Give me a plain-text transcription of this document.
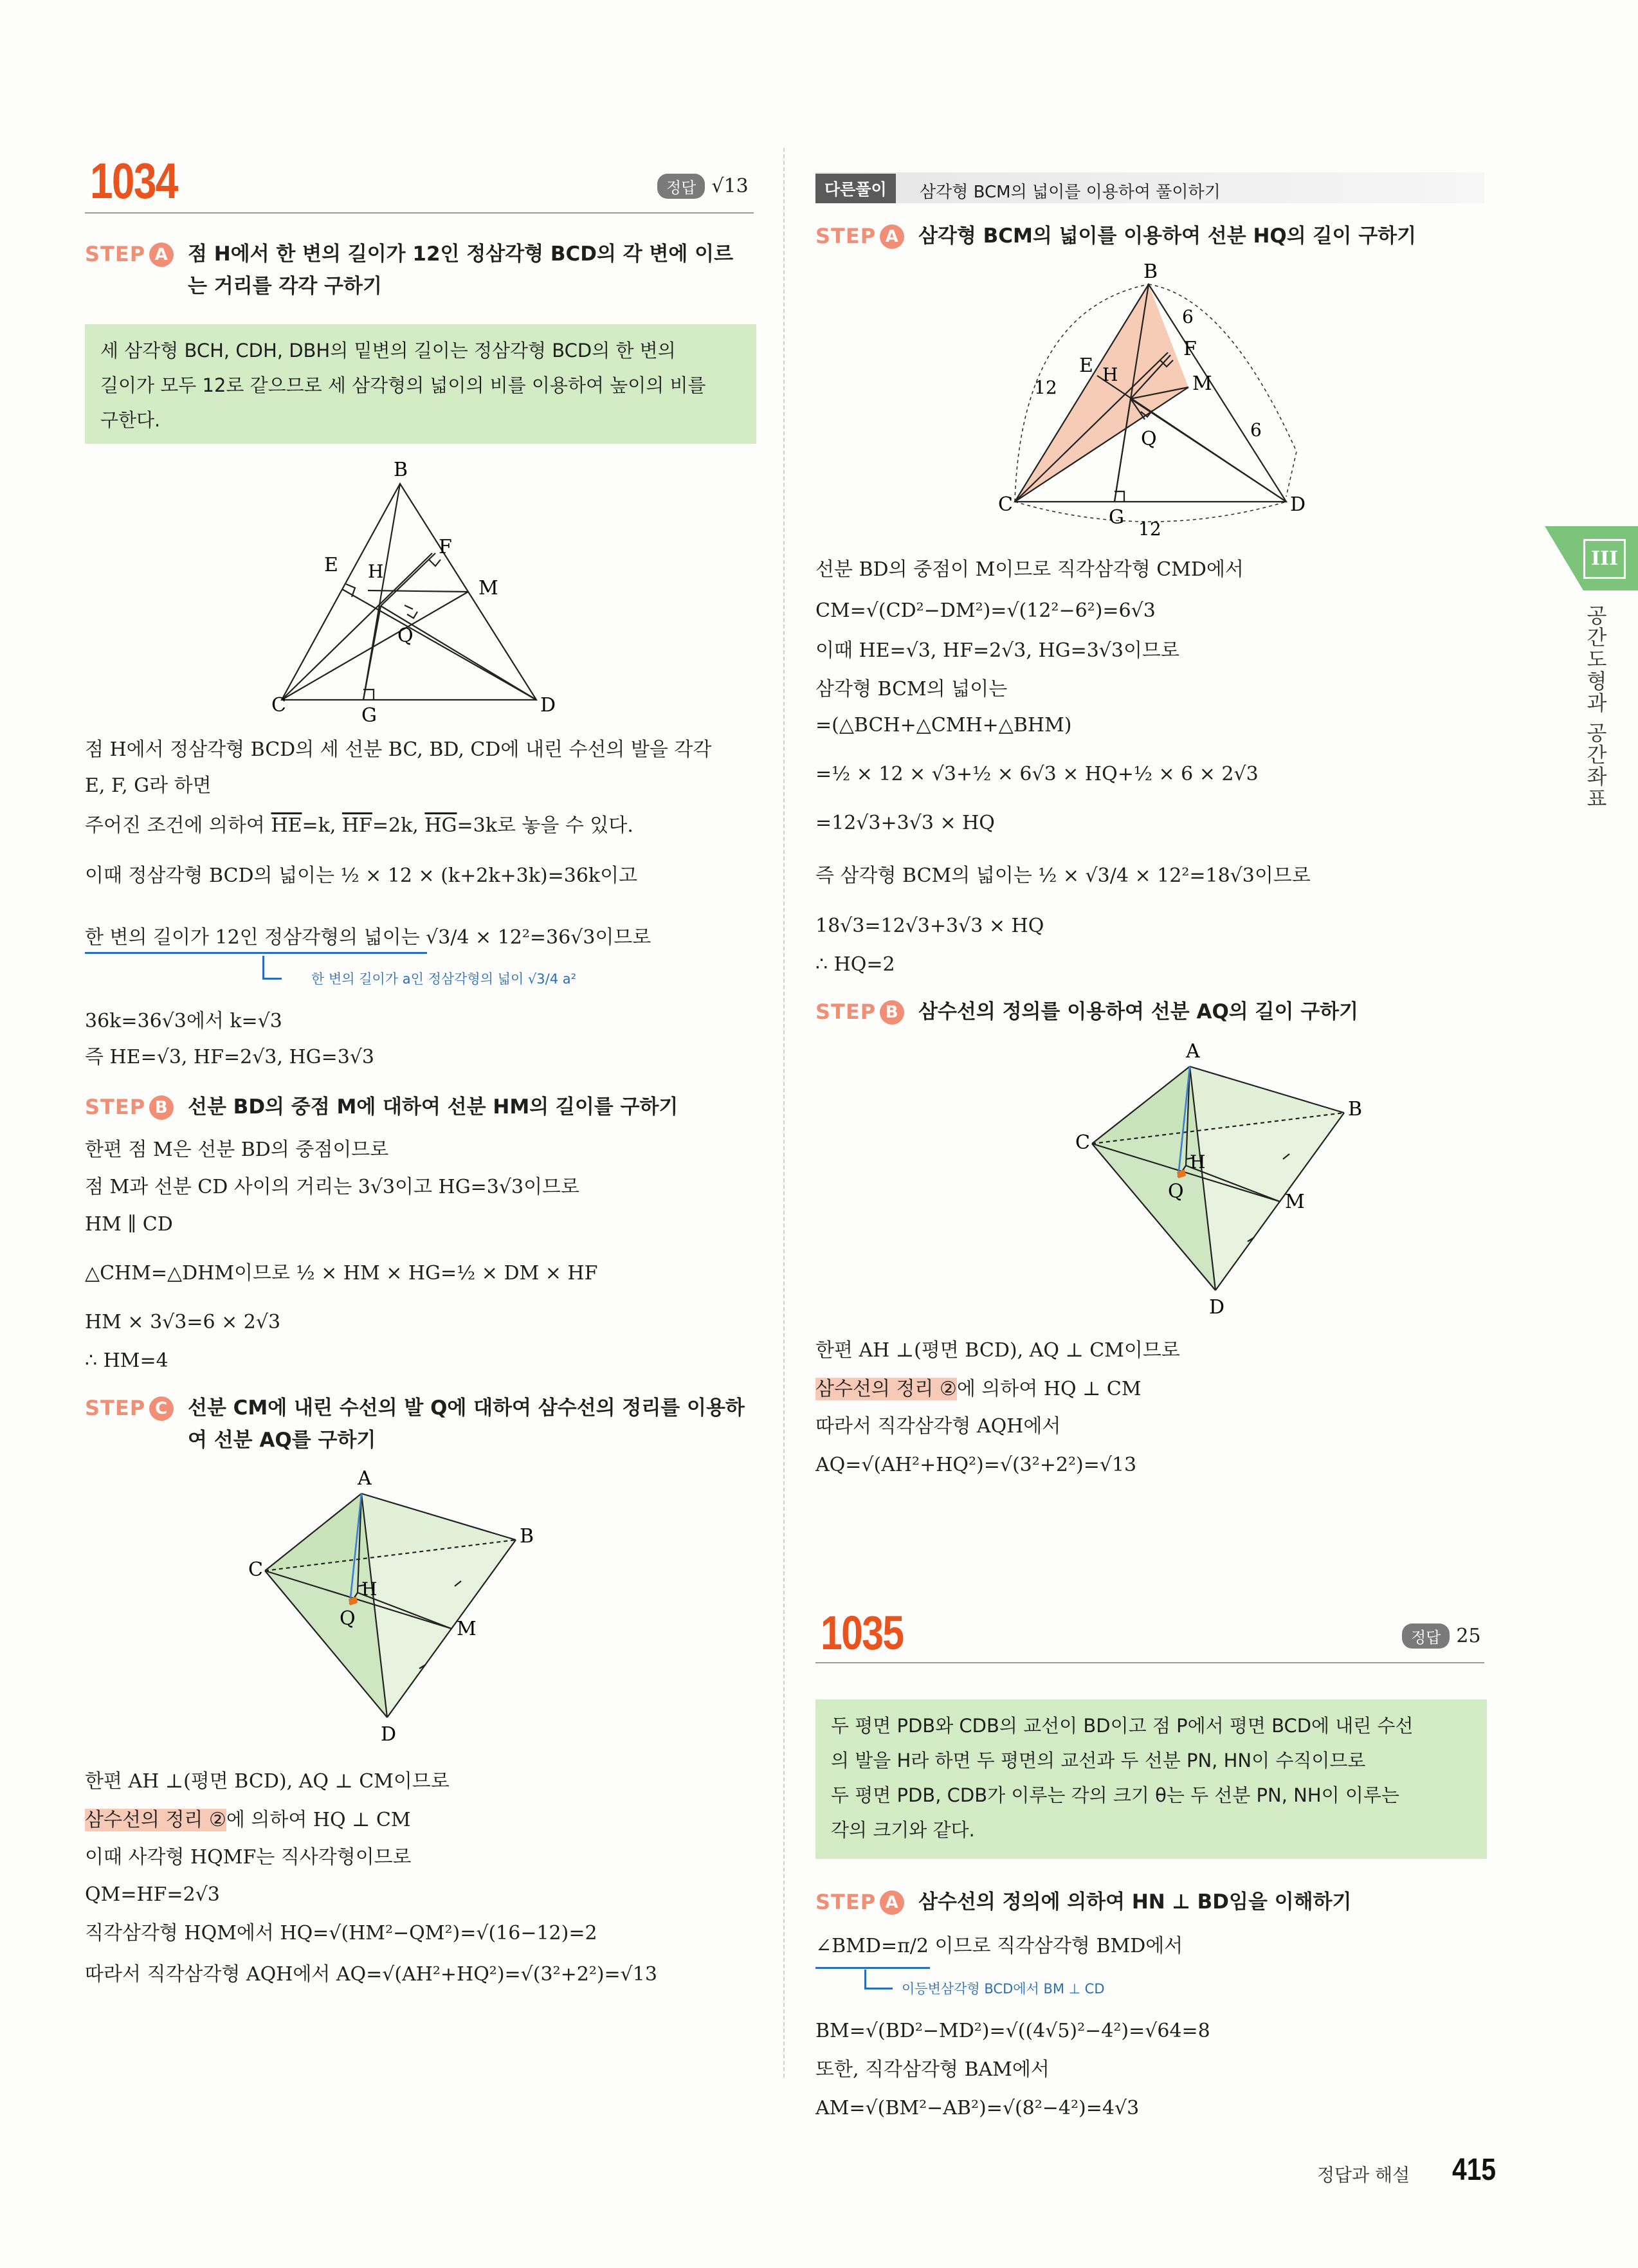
1034	정답 √13
STEP A 점 H에서 한 변의 길이가 12인 정삼각형 BCD의 각 변에 이르
는 거리를 각각 구하기
세 삼각형 BCH, CDH, DBH의 밑변의 길이는 정삼각형 BCD의 한 변의
길이가 모두 12로 같으므로 세 삼각형의 넓이의 비를 이용하여 높이의 비를
구한다.
B
C	D
E
F
G
H
M
Q
점 H에서 정삼각형 BCD의 세 선분 BC, BD, CD에 내린 수선의 발을 각각
E, F, G라 하면
주어진 조건에 의하여 $\overline{HE}=k$, $\overline{HF}=2k$, $\overline{HG}=3k$로 놓을 수 있다.
이때 정삼각형 BCD의 넓이는 ½ × 12 × (k+2k+3k)=36k이고
한 변의 길이가 12인 정삼각형의 넓이는 √3/4 × 12²=36√3이므로
한 변의 길이가 a인 정삼각형의 넓이 √3/4 a²
36k=36√3에서 k=√3
즉 HE=√3, HF=2√3, HG=3√3
STEP B 선분 BD의 중점 M에 대하여 선분 HM의 길이를 구하기
한편 점 M은 선분 BD의 중점이므로
점 M과 선분 CD 사이의 거리는 3√3이고 HG=3√3이므로
HM ∥ CD
△CHM=△DHM이므로 ½ × HM × HG=½ × DM × HF
HM × 3√3=6 × 2√3
∴ HM=4
STEP C 선분 CM에 내린 수선의 발 Q에 대하여 삼수선의 정리를 이용하
여 선분 AQ를 구하기
A
B
C
D
H
M
Q
한편 AH ⊥(평면 BCD), AQ ⊥ CM이므로
삼수선의 정리 ②에 의하여 HQ ⊥ CM
이때 사각형 HQMF는 직사각형이므로
QM=HF=2√3
직각삼각형 HQM에서 HQ=√(HM²−QM²)=√(16−12)=2
따라서 직각삼각형 AQH에서 AQ=√(AH²+HQ²)=√(3²+2²)=√13
다른풀이	삼각형 BCM의 넓이를 이용하여 풀이하기
STEP A 삼각형 BCM의 넓이를 이용하여 선분 HQ의 길이 구하기
B
C	D
E
F
G
H	M
Q
6
6
12
12
선분 BD의 중점이 M이므로 직각삼각형 CMD에서
CM=√(CD²−DM²)=√(12²−6²)=6√3
이때 HE=√3, HF=2√3, HG=3√3이므로
삼각형 BCM의 넓이는
=(△BCH+△CMH+△BHM)
=½ × 12 × √3+½ × 6√3 × HQ+½ × 6 × 2√3
=12√3+3√3 × HQ
즉 삼각형 BCM의 넓이는 ½ × √3/4 × 12²=18√3이므로
18√3=12√3+3√3 × HQ
∴ HQ=2
STEP B 삼수선의 정의를 이용하여 선분 AQ의 길이 구하기
A
B
C
D
H
M
Q
한편 AH ⊥(평면 BCD), AQ ⊥ CM이므로
삼수선의 정리 ②에 의하여 HQ ⊥ CM
따라서 직각삼각형 AQH에서
AQ=√(AH²+HQ²)=√(3²+2²)=√13
1035	정답 25
두 평면 PDB와 CDB의 교선이 BD이고 점 P에서 평면 BCD에 내린 수선
의 발을 H라 하면 두 평면의 교선과 두 선분 PN, HN이 수직이므로
두 평면 PDB, CDB가 이루는 각의 크기 θ는 두 선분 PN, NH이 이루는
각의 크기와 같다.
STEP A 삼수선의 정의에 의하여 HN ⊥ BD임을 이해하기
∠BMD=π/2 이므로 직각삼각형 BMD에서
이등변삼각형 BCD에서 BM ⊥ CD
BM=√(BD²−MD²)=√((4√5)²−4²)=√64=8
또한, 직각삼각형 BAM에서
AM=√(BM²−AB²)=√(8²−4²)=4√3
III
공간도형과 공간좌표
정답과 해설 415
